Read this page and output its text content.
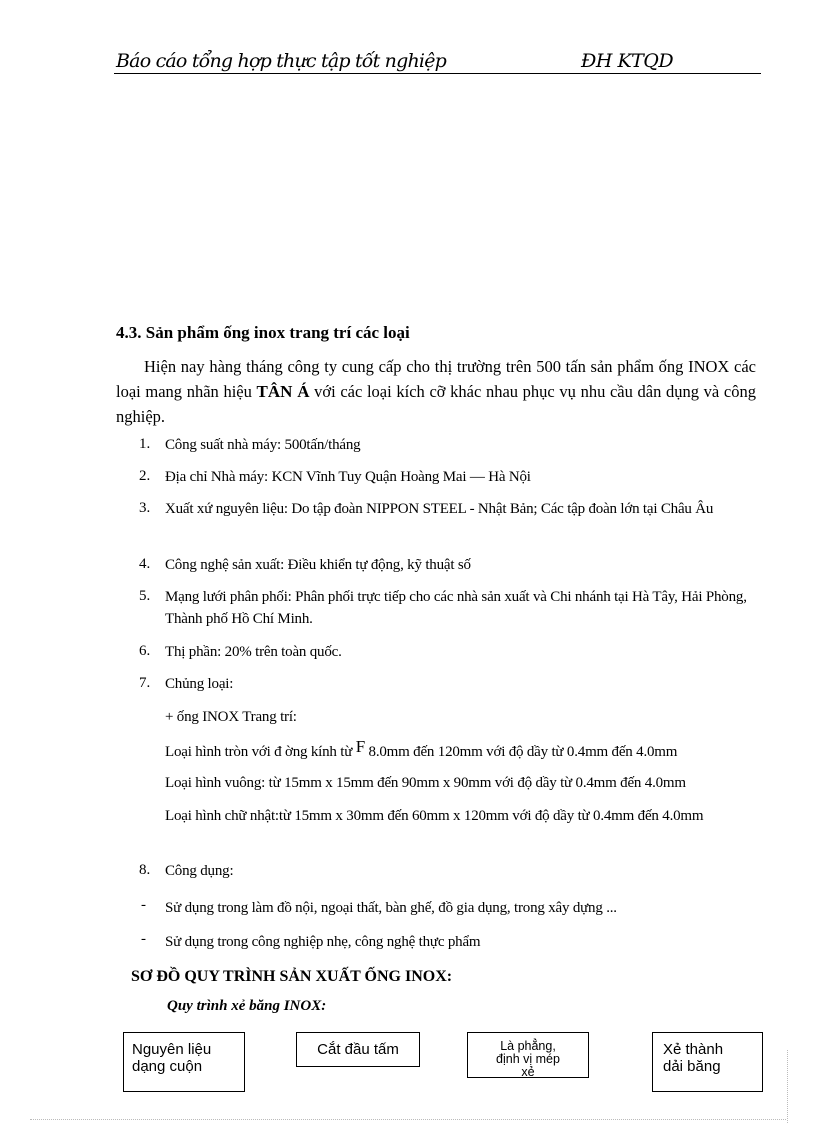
Báo cáo tổng hợp thực tập tốt nghiệp	ĐH KTQD
4.3. Sản phẩm ống inox trang trí các loại
Hiện nay hàng tháng công ty cung cấp cho thị trường trên 500 tấn sản phẩm ống INOX các loại mang nhãn hiệu TÂN Á với các loại kích cỡ khác nhau phục vụ nhu cầu dân dụng và công nghiệp.
1. Công suất nhà máy: 500tấn/tháng
2. Địa chỉ Nhà máy: KCN Vĩnh Tuy Quận Hoàng Mai — Hà Nội
3. Xuất xứ nguyên liệu: Do tập đoàn NIPPON STEEL - Nhật Bản; Các tập đoàn lớn tại Châu Âu
4. Công nghệ sản xuất: Điều khiển tự động, kỹ thuật số
5. Mạng lưới phân phối: Phân phối trực tiếp cho các nhà sản xuất và Chi nhánh tại Hà Tây, Hải Phòng, Thành phố Hồ Chí Minh.
6. Thị phần: 20% trên toàn quốc.
7. Chủng loại:
+ ống INOX Trang trí:
Loại hình tròn với đ ờng kính từ F 8.0mm đến 120mm với độ dầy từ 0.4mm đến 4.0mm
Loại hình vuông: từ 15mm x 15mm đến 90mm x 90mm với độ dầy từ 0.4mm đến 4.0mm
Loại hình chữ nhật:từ 15mm x 30mm đến 60mm x 120mm với độ dầy từ 0.4mm đến 4.0mm
8. Công dụng:
- Sử dụng trong làm đồ nội, ngoại thất, bàn ghế, đồ gia dụng, trong xây dựng ...
- Sử dụng trong công nghiệp nhẹ, công nghệ thực phẩm
SƠ ĐỒ QUY TRÌNH SẢN XUẤT ỐNG INOX:
Quy trình xẻ băng INOX:
Nguyên liệu
dạng cuộn
Cắt đầu tấm	Là phẳng,
định vị mép
xẻ
Xẻ thành
dải băng
